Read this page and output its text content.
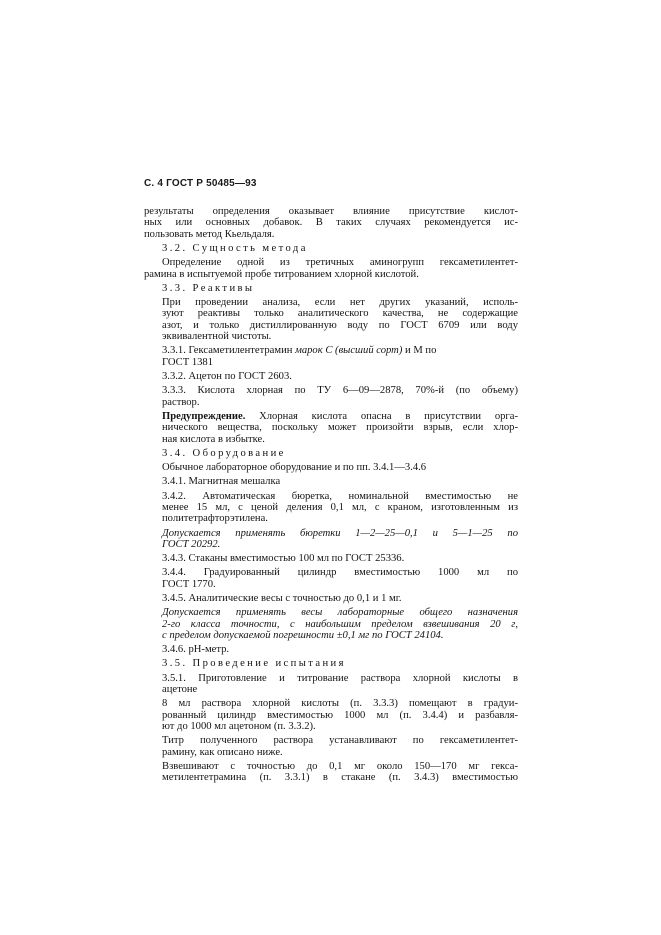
С. 4 ГОСТ Р 50485—93

результаты определения оказывает влияние присутствие кислот-
ных или основных добавок. В таких случаях рекомендуется ис-
пользовать метод Кьельдаля.

3.2. Сущность метода

Определение одной из третичных аминогрупп гексаметилентет-
рамина в испытуемой пробе титрованием хлорной кислотой.

3.3. Реактивы

При проведении анализа, если нет других указаний, исполь-
зуют реактивы только аналитического качества, не содержащие
азот, и только дистиллированную воду по ГОСТ 6709 или воду
эквивалентной чистоты.

3.3.1. Гексаметилентетрамин марок С (высший сорт) и М по
ГОСТ 1381

3.3.2. Ацетон по ГОСТ 2603.

3.3.3. Кислота хлорная по ТУ 6—09—2878, 70%-й (по объему)
раствор.

Предупреждение. Хлорная кислота опасна в присутствии орга-
нического вещества, поскольку может произойти взрыв, если хлор-
ная кислота в избытке.

3.4. Оборудование

Обычное лабораторное оборудование и по пп. 3.4.1—3.4.6

3.4.1. Магнитная мешалка

3.4.2. Автоматическая бюретка, номинальной вместимостью не
менее 15 мл, с ценой деления 0,1 мл, с краном, изготовленным из
политетрафторэтилена.

Допускается применять бюретки 1—2—25—0,1 и 5—1—25 по
ГОСТ 20292.

3.4.3. Стаканы вместимостью 100 мл по ГОСТ 25336.

3.4.4. Градуированный цилиндр вместимостью 1000 мл по
ГОСТ 1770.

3.4.5. Аналитические весы с точностью до 0,1 и 1 мг.

Допускается применять весы лабораторные общего назначения
2-го класса точности, с наибольшим пределом взвешивания 20 г,
с пределом допускаемой погрешности ±0,1 мг по ГОСТ 24104.

3.4.6. pH-метр.

3.5. Проведение испытания

3.5.1. Приготовление и титрование раствора хлорной кислоты в
ацетоне

8 мл раствора хлорной кислоты (п. 3.3.3) помещают в градуи-
рованный цилиндр вместимостью 1000 мл (п. 3.4.4) и разбавля-
ют до 1000 мл ацетоном (п. 3.3.2).

Титр полученного раствора устанавливают по гексаметилентет-
рамину, как описано ниже.

Взвешивают с точностью до 0,1 мг около 150—170 мг гекса-
метилентетрамина (п. 3.3.1) в стакане (п. 3.4.3) вместимостью
